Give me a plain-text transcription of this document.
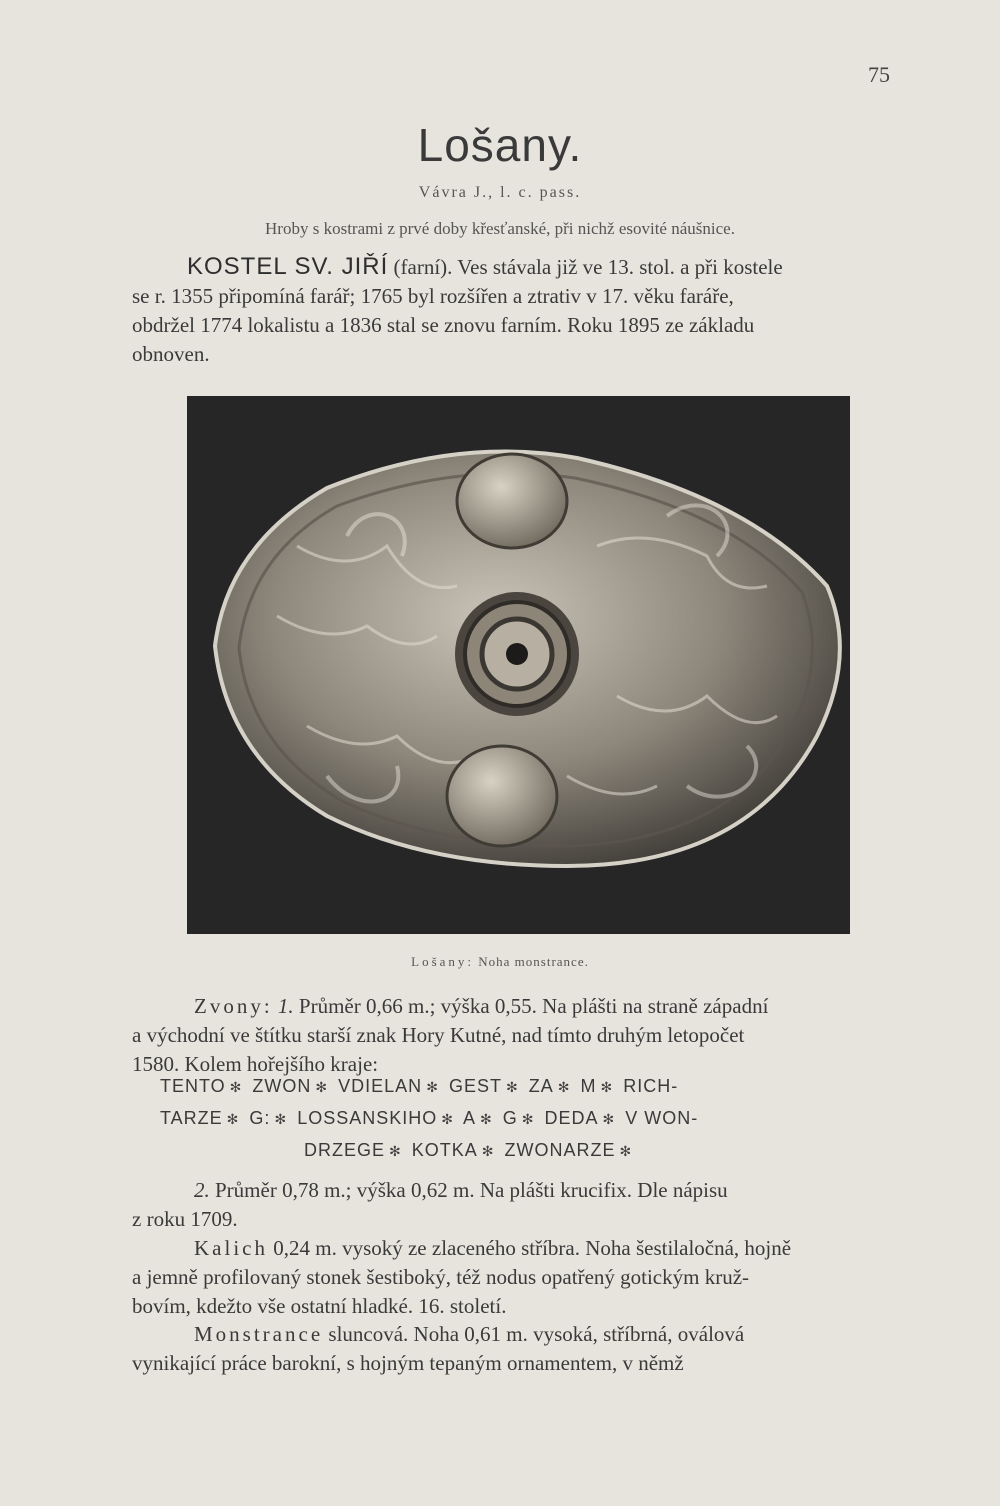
75
Lošany.
Vávra J., l. c. pass.
Hroby s kostrami z prvé doby křesťanské, při nichž esovité náušnice.
KOSTEL SV. JIŘÍ (farní). Ves stávala již ve 13. stol. a při kostele
se r. 1355 připomíná farář; 1765 byl rozšířen a ztrativ v 17. věku faráře,
obdržel 1774 lokalistu a 1836 stal se znovu farním. Roku 1895 ze základu
obnoven.
Lošany: Noha monstrance.
Zvony: 1. Průměr 0,66 m.; výška 0,55. Na plášti na straně západní
a východní ve štítku starší znak Hory Kutné, nad tímto druhým letopočet
1580. Kolem hořejšího kraje:
TENTO ✻ ZWON ✻ VDIELAN ✻ GEST ✻ ZA ✻ M ✻ RICH-
TARZE ✻ G: ✻ LOSSANSKIHO ✻ A ✻ G ✻ DEDA ✻ V WON-
DRZEGE ✻ KOTKA ✻ ZWONARZE ✻
2. Průměr 0,78 m.; výška 0,62 m. Na plášti krucifix. Dle nápisu
z roku 1709.
Kalich 0,24 m. vysoký ze zlaceného stříbra. Noha šestilaločná, hojně
a jemně profilovaný stonek šestiboký, též nodus opatřený gotickým kruž-
bovím, kdežto vše ostatní hladké. 16. století.
Monstrance sluncová. Noha 0,61 m. vysoká, stříbrná, oválová
vynikající práce barokní, s hojným tepaným ornamentem, v němž
